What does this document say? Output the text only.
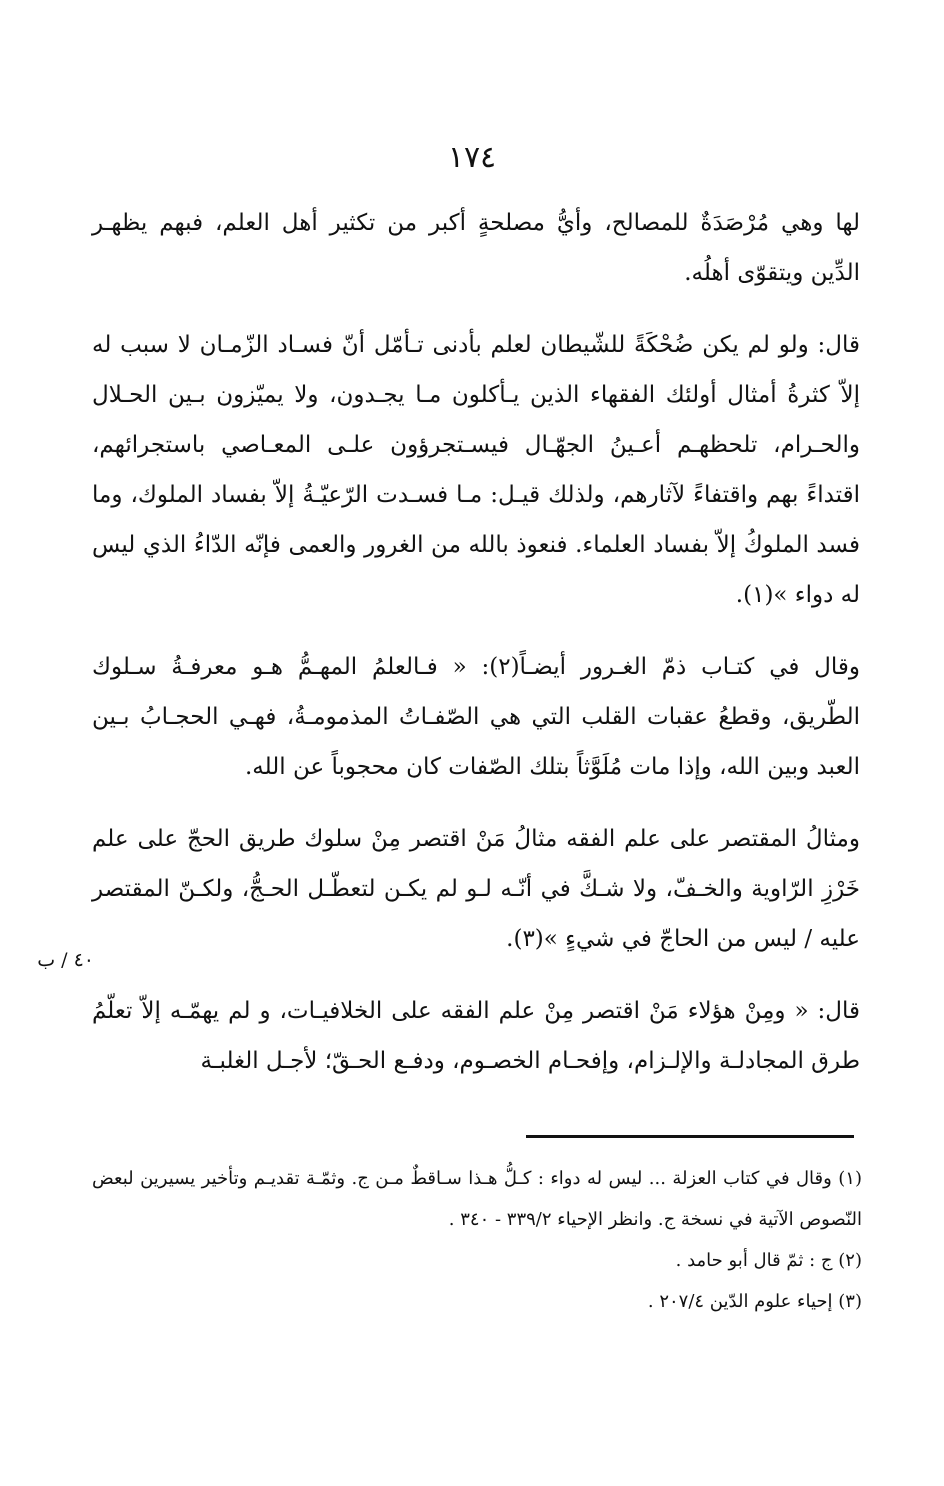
١٧٤

لها وهي مُرْصَدَةٌ للمصالح، وأيُّ مصلحةٍ أكبر من تكثير أهل العلم، فبهم يظهـر الدِّين ويتقوّى أهلُه.

قال: ولو لم يكن ضُحْكَةً للشّيطان لعلم بأدنى تـأمّل أنّ فسـاد الزّمـان لا سبب له إلاّ كثرةُ أمثال أولئك الفقهاء الذين يـأكلون مـا يجـدون، ولا يميّزون بـين الحـلال والحـرام، تلحظهـم أعـينُ الجهّـال فيسـتجرؤون علـى المعـاصي باستجرائهم، اقتداءً بهم واقتفاءً لآثارهم، ولذلك قيـل: مـا فسـدت الرّعيّـةُ إلاّ بفساد الملوك، وما فسد الملوكُ إلاّ بفساد العلماء. فنعوذ بالله من الغرور والعمى فإنّه الدّاءُ الذي ليس له دواء »(١).

وقال في كتـاب ذمّ الغـرور أيضـاً(٢): « فـالعلمُ المهـمُّ هـو معرفـةُ سـلوك الطّريق، وقطعُ عقبات القلب التي هي الصّفـاتُ المذمومـةُ، فهـي الحجـابُ بـين العبد وبين الله، وإذا مات مُلَوَّثاً بتلك الصّفات كان محجوباً عن الله.

ومثالُ المقتصر على علم الفقه مثالُ مَنْ اقتصر مِنْ سلوك طريق الحجّ على علم خَرْزِ الرّاوية والخـفّ، ولا شـكَّ في أنّـه لـو لم يكـن لتعطّـل الحـجُّ، ولكـنّ المقتصر عليه / ليس من الحاجّ في شيءٍ »(٣).

قال: « ومِنْ هؤلاء مَنْ اقتصر مِنْ علم الفقه على الخلافيـات، و لم يهمّـه إلاّ تعلّمُ طرق المجادلـة والإلـزام، وإفحـام الخصـوم، ودفـع الحـقّ؛ لأجـل الغلبـة

٤٠ / ب

(١) وقال في كتاب العزلة ... ليس له دواء : كـلُّ هـذا سـاقطٌ مـن ج. وثمّـة تقديـم وتأخير يسيرين لبعض النّصوص الآتية في نسخة ج. وانظر الإحياء ٣٣٩/٢ - ٣٤٠ .

(٢) ج : ثمّ قال أبو حامد .

(٣) إحياء علوم الدّين ٢٠٧/٤ .
